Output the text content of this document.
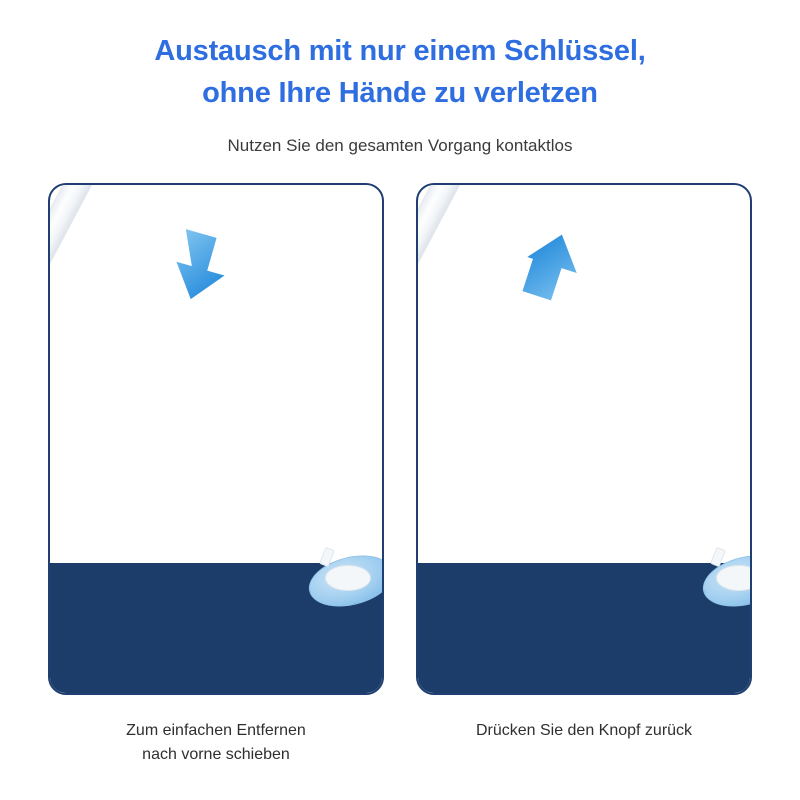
Austausch mit nur einem Schlüssel,
ohne Ihre Hände zu verletzen
Nutzen Sie den gesamten Vorgang kontaktlos
Zum einfachen Entfernen
nach vorne schieben
Drücken Sie den Knopf zurück
